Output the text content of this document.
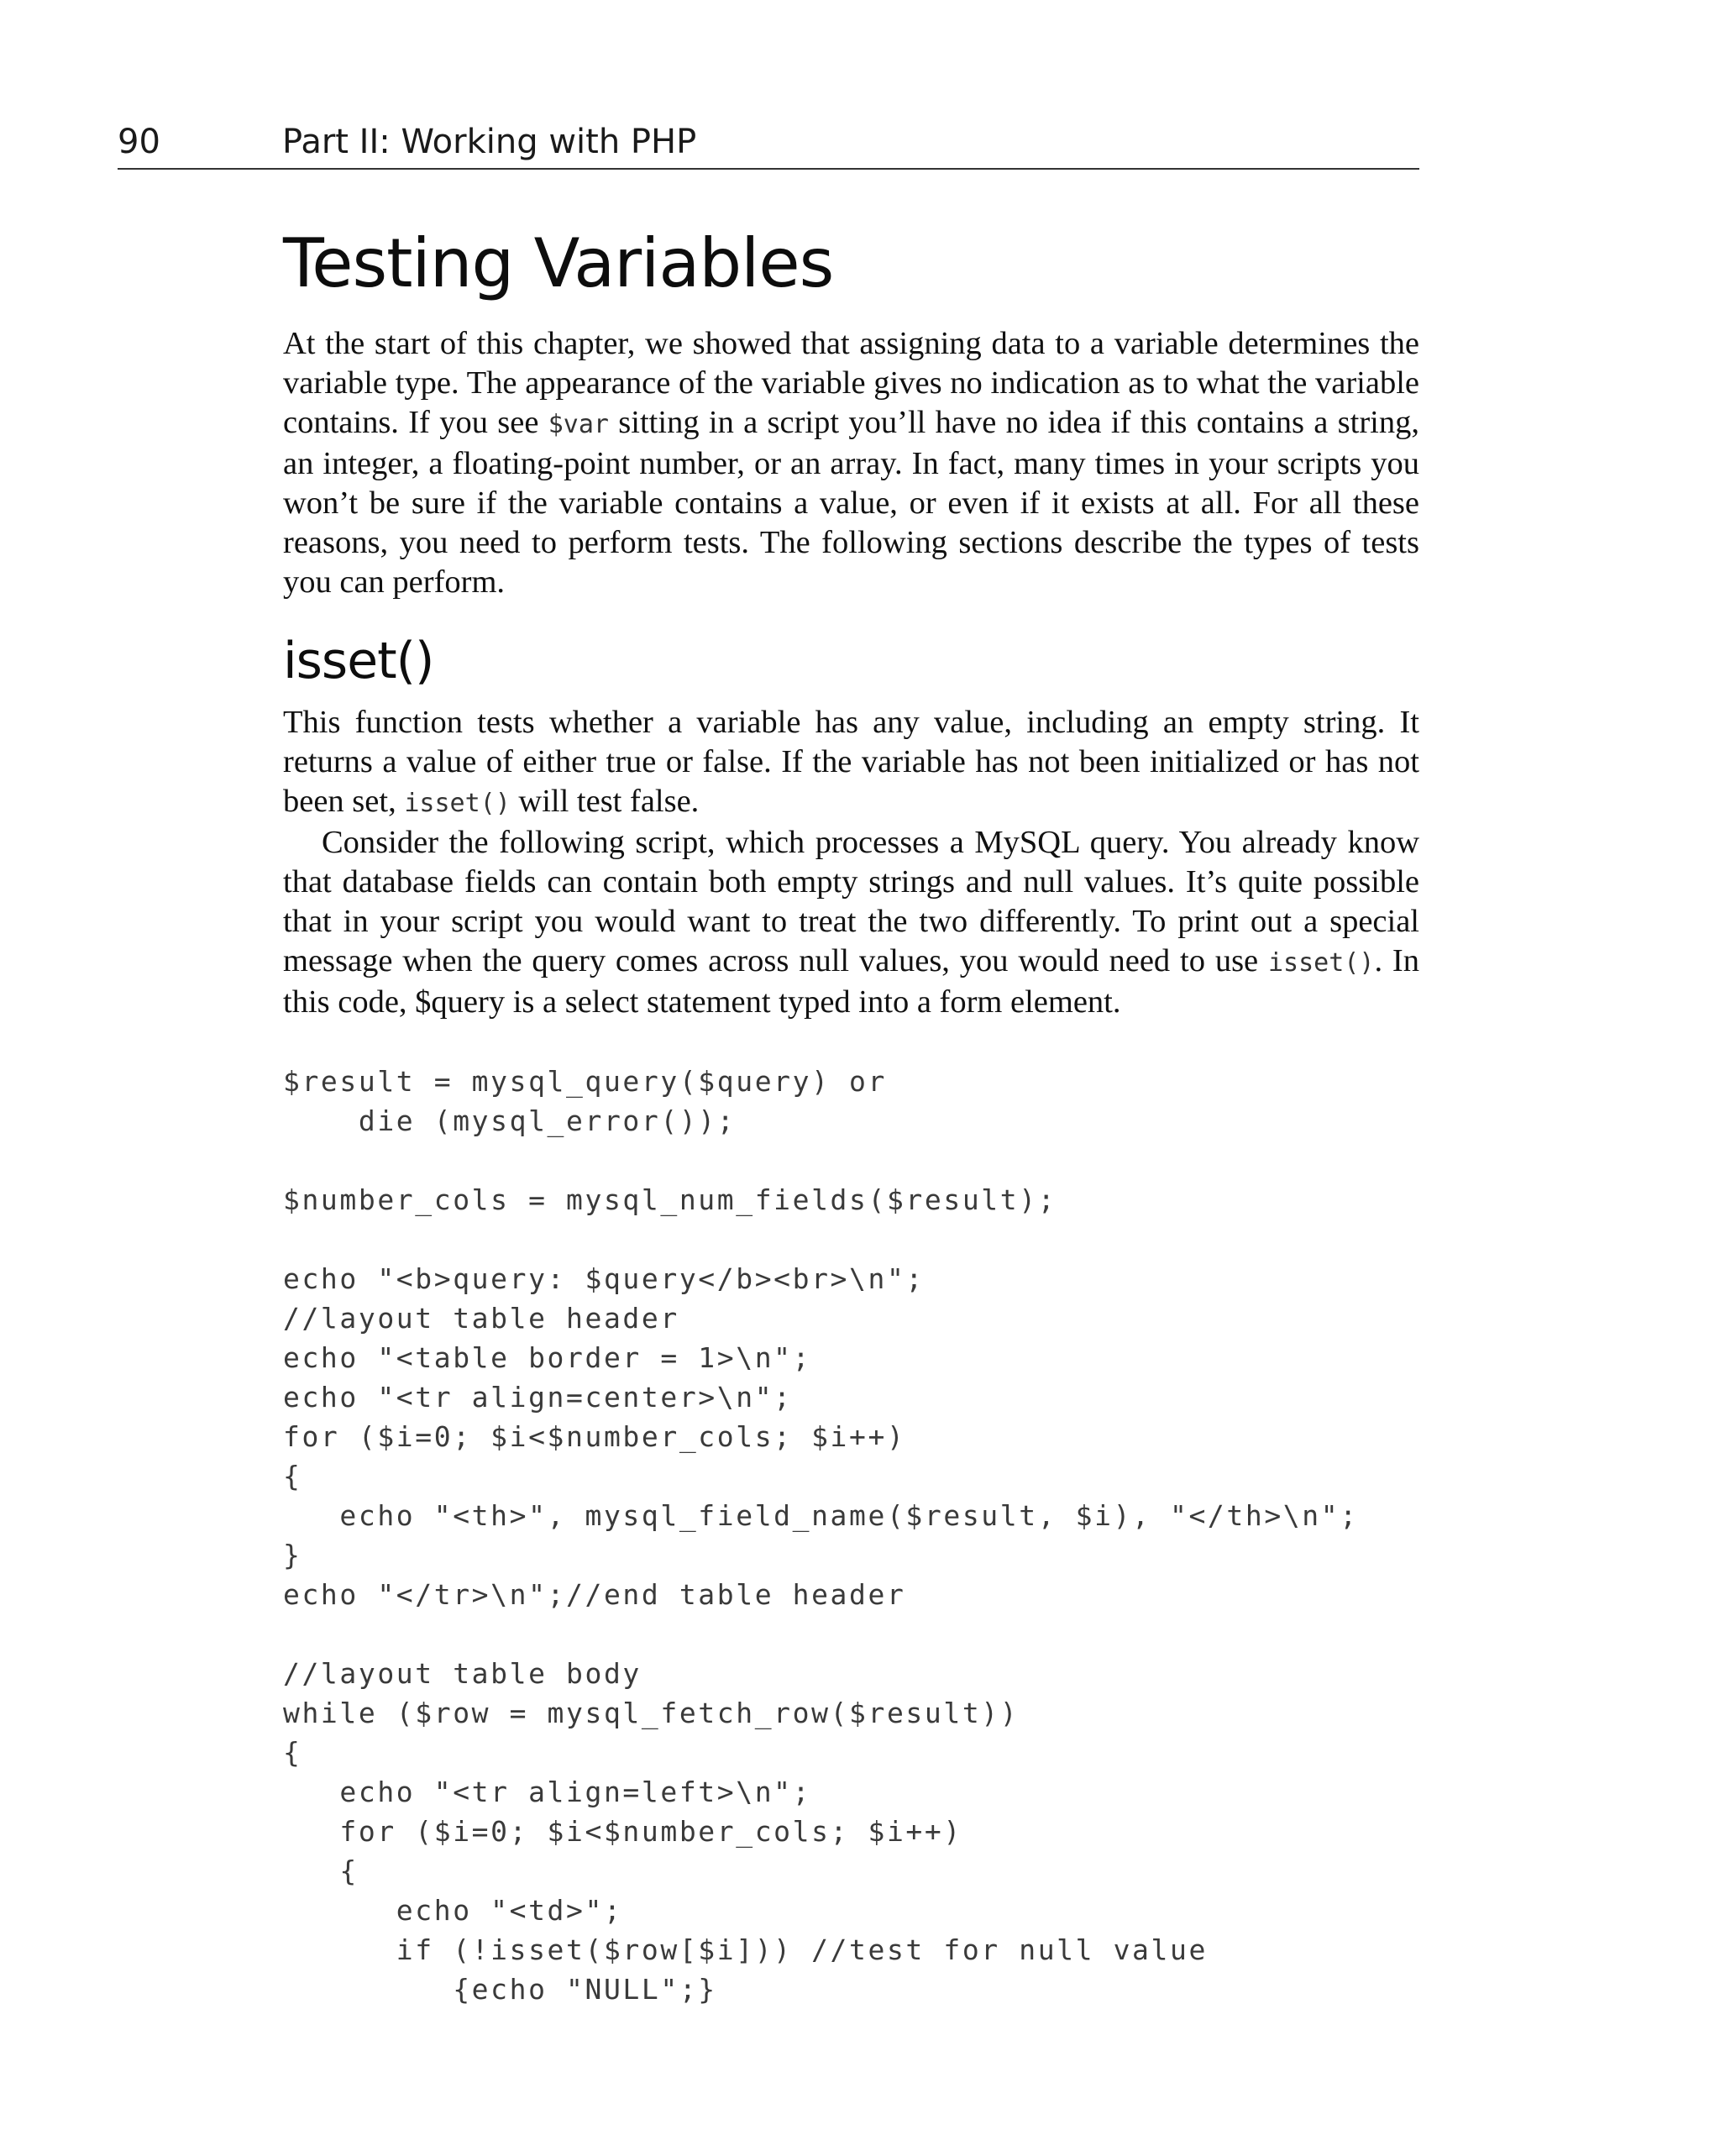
90	Part II: Working with PHP
Testing Variables

At the start of this chapter, we showed that assigning data to a variable determines the variable type. The appearance of the variable gives no indication as to what the variable contains. If you see $var sitting in a script you’ll have no idea if this contains a string, an integer, a floating-point number, or an array. In fact, many times in your scripts you won’t be sure if the variable contains a value, or even if it exists at all. For all these reasons, you need to perform tests. The following sections describe the types of tests you can perform.

isset()

This function tests whether a variable has any value, including an empty string. It returns a value of either true or false. If the variable has not been initialized or has not been set, isset() will test false.

Consider the following script, which processes a MySQL query. You already know that database fields can contain both empty strings and null values. It’s quite possible that in your script you would want to treat the two differently. To print out a special message when the query comes across null values, you would need to use isset(). In this code, $query is a select statement typed into a form element.

$result = mysql_query($query) or
die (mysql_error());
$number_cols = mysql_num_fields($result);
echo "<b>query: $query</b><br>\n";
//layout table header
echo "<table border = 1>\n";
echo "<tr align=center>\n";
for ($i=0; $i<$number_cols; $i++)
{
echo "<th>", mysql_field_name($result, $i), "</th>\n";
}
echo "</tr>\n";//end table header
//layout table body
while ($row = mysql_fetch_row($result))
{
echo "<tr align=left>\n";
for ($i=0; $i<$number_cols; $i++)
{
echo "<td>";
if (!isset($row[$i])) //test for null value
{echo "NULL";}
